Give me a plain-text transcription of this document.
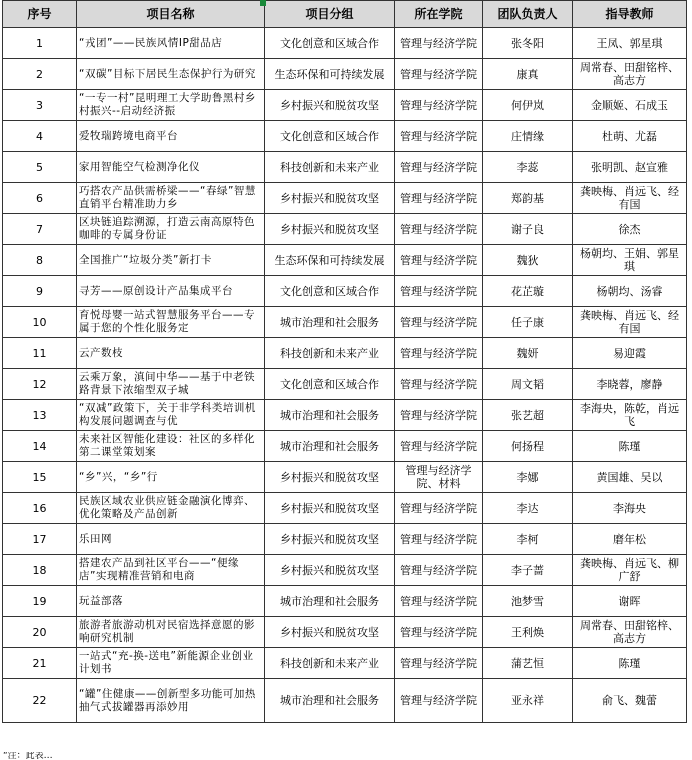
序号	项目名称	项目分组	所在学院	团队负责人	指导教师
1	“戎团”——民族风情IP甜品店	文化创意和区域合作	管理与经济学院	张冬阳	王凤、郭星琪
2	“双碳”目标下居民生态保护行为研究	生态环保和可持续发展	管理与经济学院	康真	周常春、田甜铭梓、高志方
3	“一专一村”昆明理工大学助鲁黑村乡村振兴--启动经济振	乡村振兴和脱贫攻坚	管理与经济学院	何伊岚	金顺姬、石成玉
4	爱牧瑞跨境电商平台	文化创意和区域合作	管理与经济学院	庄情缘	杜萌、尤磊
5	家用智能空气检测净化仪	科技创新和未来产业	管理与经济学院	李蕊	张明凯、赵宣雅
6	巧搭农产品供需桥梁——“春绿”智慧直销平台精准助力乡	乡村振兴和脱贫攻坚	管理与经济学院	郑韵基	龚映梅、肖远飞、经有国
7	区块链追踪溯源，打造云南高原特色咖啡的专属身份证	乡村振兴和脱贫攻坚	管理与经济学院	谢子良	徐杰
8	全国推广“垃圾分类”新打卡	生态环保和可持续发展	管理与经济学院	魏狄	杨朝均、王娟、郭星琪
9	寻芳——原创设计产品集成平台	文化创意和区域合作	管理与经济学院	花芷璇	杨朝均、汤睿
10	育悦母婴一站式智慧服务平台——专属于您的个性化服务定	城市治理和社会服务	管理与经济学院	任子康	龚映梅、肖远飞、经有国
11	云产数枝	科技创新和未来产业	管理与经济学院	魏妍	易迎霞
12	云乘万象，滇间中华——基于中老铁路背景下浓缩型双子城	文化创意和区域合作	管理与经济学院	周文韬	李晓蓉，廖静
13	“双减”政策下，关于非学科类培训机构发展问题调查与优	城市治理和社会服务	管理与经济学院	张艺超	李海央，陈乾，肖远飞
14	未来社区智能化建设：社区的多样化第二课堂策划案	城市治理和社会服务	管理与经济学院	何扬程	陈瑾
15	“乡”兴，“乡”行	乡村振兴和脱贫攻坚	管理与经济学院、材料	李娜	黄国雄、吴以
16	民族区域农业供应链金融演化博弈、优化策略及产品创新	乡村振兴和脱贫攻坚	管理与经济学院	李达	李海央
17	乐田网	乡村振兴和脱贫攻坚	管理与经济学院	李柯	磨年松
18	搭建农产品到社区平台——“便缘店”实现精准营销和电商	乡村振兴和脱贫攻坚	管理与经济学院	李子蔷	龚映梅、肖远飞、柳广舒
19	玩益部落	城市治理和社会服务	管理与经济学院	池梦雪	谢晖
20	旅游者旅游动机对民宿选择意愿的影响研究机制	乡村振兴和脱贫攻坚	管理与经济学院	王利焕	周常春、田甜铭梓、高志方
21	一站式“充-换-送电”新能源企业创业计划书	科技创新和未来产业	管理与经济学院	蒲艺恒	陈瑾
22	“罐”住健康——创新型多功能可加热抽气式拔罐器再添妙用	城市治理和社会服务	管理与经济学院	亚永祥	俞飞、魏蕾
“注：此表…
